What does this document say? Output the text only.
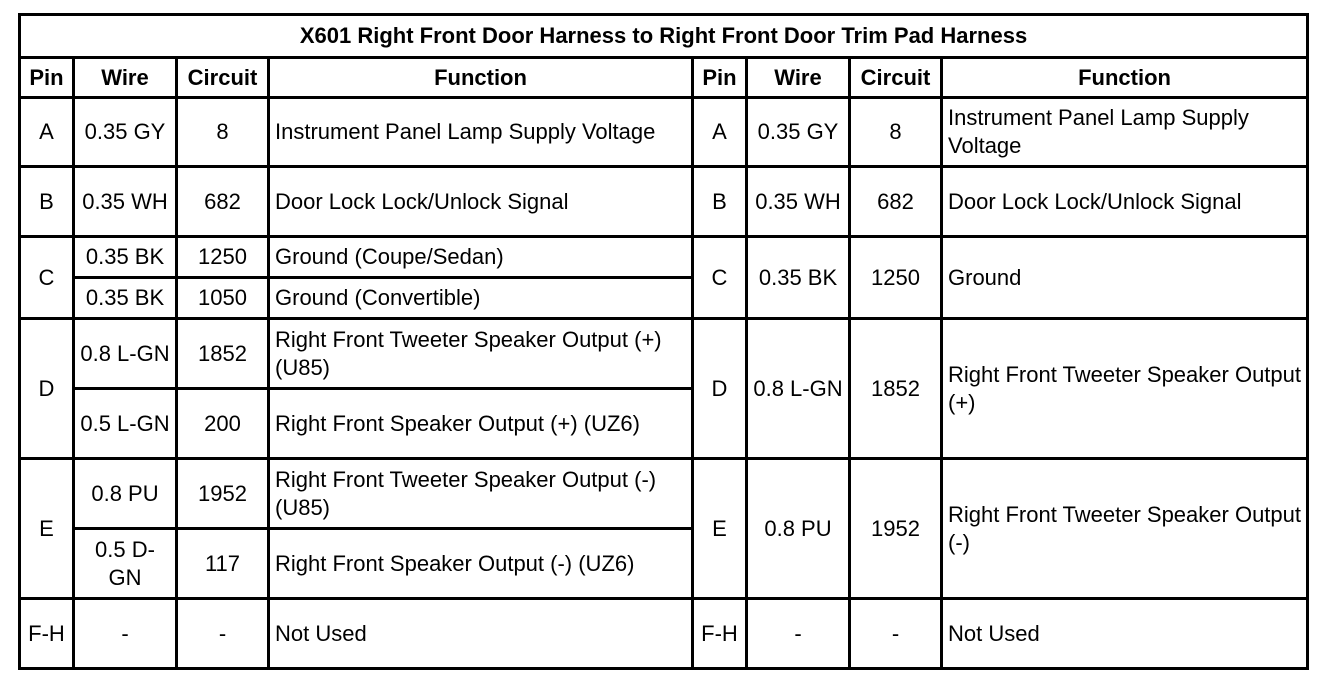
X601 Right Front Door Harness to Right Front Door Trim Pad Harness							
Pin	Wire	Circuit	Function	Pin	Wire	Circuit	Function
A	0.35 GY	8	Instrument Panel Lamp Supply Voltage	A	0.35 GY	8	Instrument Panel Lamp Supply Voltage
B	0.35 WH	682	Door Lock Lock/Unlock Signal	B	0.35 WH	682	Door Lock Lock/Unlock Signal
C	0.35 BK	1250	Ground (Coupe/Sedan)	C	0.35 BK	1250	Ground
	0.35 BK	1050	Ground (Convertible)				
D	0.8 L-GN	1852	Right Front Tweeter Speaker Output (+) (U85)	D	0.8 L-GN	1852	Right Front Tweeter Speaker Output (+)
	0.5 L-GN	200	Right Front Speaker Output (+) (UZ6)				
E	0.8 PU	1952	Right Front Tweeter Speaker Output (-) (U85)	E	0.8 PU	1952	Right Front Tweeter Speaker Output (-)
	0.5 D-GN	117	Right Front Speaker Output (-) (UZ6)				
F-H	-	-	Not Used	F-H	-	-	Not Used
